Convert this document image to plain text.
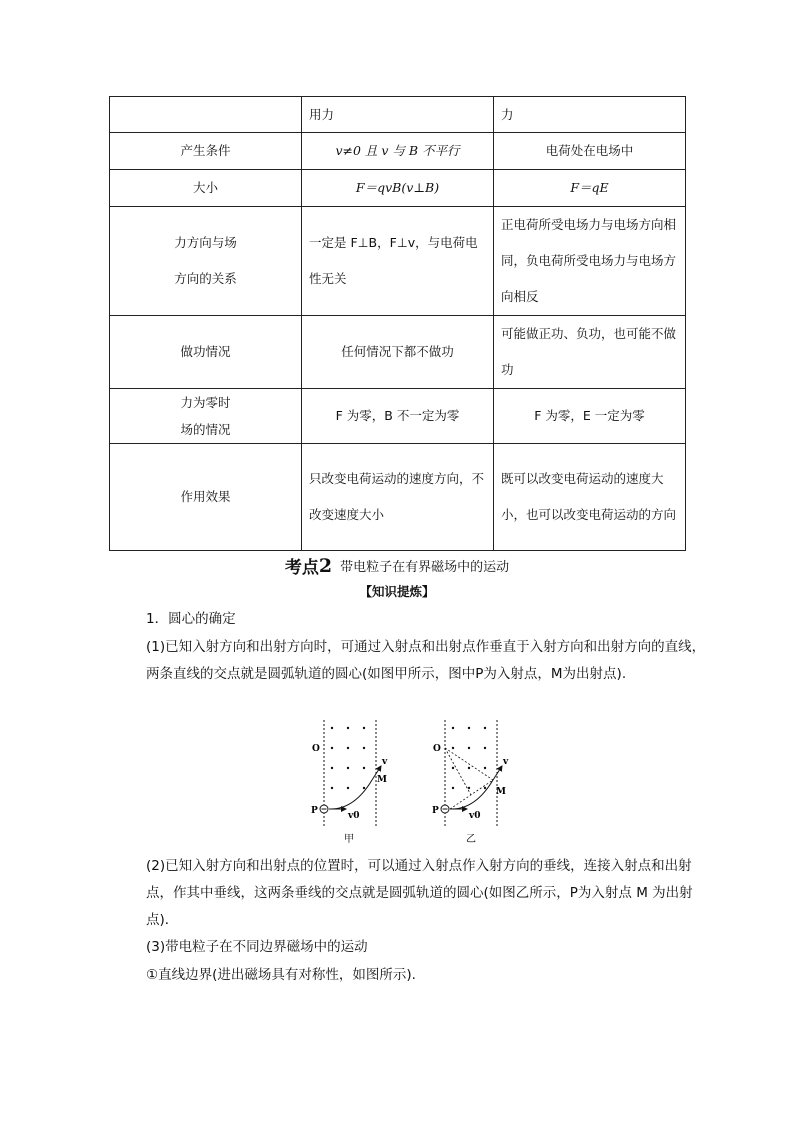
	用力	力
产生条件	v≠0 且 v 与 B 不平行	电荷处在电场中
大小	F＝qvB(v⊥B)	F＝qE

力方向与场
方向的关系	一定是 F⊥B，F⊥v，与电荷电性无关	正电荷所受电场力与电场方向相同，负电荷所受电场力与电场方向相反
做功情况	任何情况下都不做功	可能做正功、负功，也可能不做功

力为零时
场的情况	F 为零，B 不一定为零	F 为零，E 一定为零
作用效果	只改变电荷运动的速度方向，不改变速度大小	既可以改变电荷运动的速度大小，也可以改变电荷运动的方向
考点2 带电粒子在有界磁场中的运动
【知识提炼】

1．圆心的确定

(1)已知入射方向和出射方向时，可通过入射点和出射点作垂直于入射方向和出射方向的直线，两条直线的交点就是圆弧轨道的圆心(如图甲所示，图中P为入射点，M为出射点).

O
P	v0
M
v
甲
O
P	v0
M
v
乙

(2)已知入射方向和出射点的位置时，可以通过入射点作入射方向的垂线，连接入射点和出射点，作其中垂线，这两条垂线的交点就是圆弧轨道的圆心(如图乙所示，P为入射点 M 为出射点)．

(3)带电粒子在不同边界磁场中的运动

①直线边界(进出磁场具有对称性，如图所示).
